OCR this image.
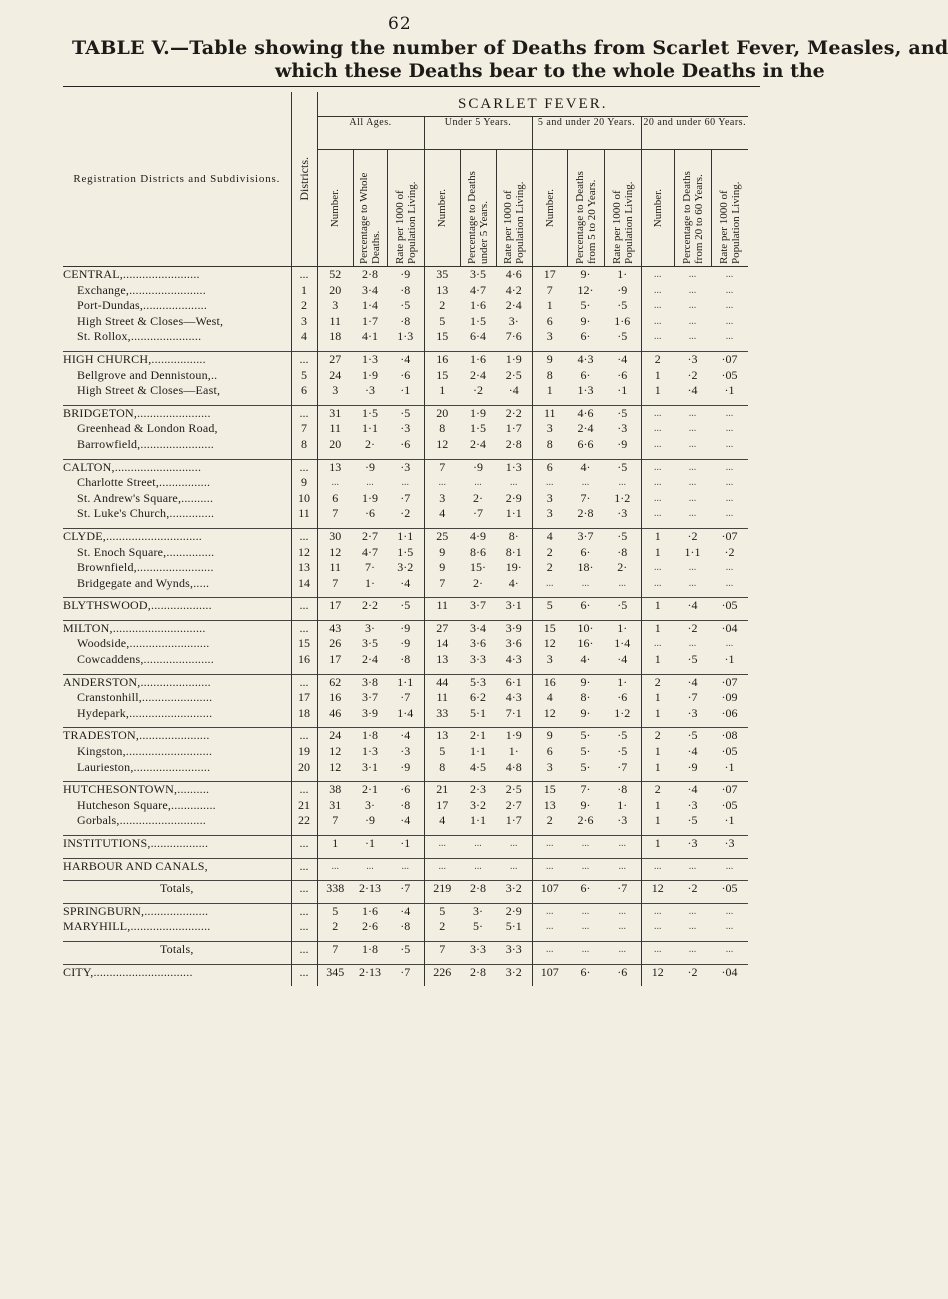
62
TABLE V.—Table showing the number of Deaths from Scarlet Fever, Measles, and
which these Deaths bear to the whole Deaths in the
Registration Districts and Subdivisions.	Districts.	SCARLET FEVER.											
		All Ages.			Under 5 Years.			5 and under 20 Years.			20 and under 60 Years.		

		Number.	Percentage to Whole Deaths.	Rate per 1000 of Population Living.	Number.	Percentage to Deaths under 5 Years.	Rate per 1000 of Population Living.	Number.	Percentage to Deaths from 5 to 20 Years.	Rate per 1000 of Population Living.	Number.	Percentage to Deaths from 20 to 60 Years.	Rate per 1000 of Population Living.

CENTRAL,........................	...	52	2·8	·9	35	3·5	4·6	17	9·	1·	...	...	...
Exchange,........................	1	20	3·4	·8	13	4·7	4·2	7	12·	·9	...	...	...
Port-Dundas,....................	2	3	1·4	·5	2	1·6	2·4	1	5·	·5	...	...	...
High Street & Closes—West,	3	11	1·7	·8	5	1·5	3·	6	9·	1·6	...	...	...
St. Rollox,......................	4	18	4·1	1·3	15	6·4	7·6	3	6·	·5	...	...	...

HIGH CHURCH,.................	...	27	1·3	·4	16	1·6	1·9	9	4·3	·4	2	·3	·07
Bellgrove and Dennistoun,..	5	24	1·9	·6	15	2·4	2·5	8	6·	·6	1	·2	·05
High Street & Closes—East,	6	3	·3	·1	1	·2	·4	1	1·3	·1	1	·4	·1

BRIDGETON,.......................	...	31	1·5	·5	20	1·9	2·2	11	4·6	·5	...	...	...
Greenhead & London Road,	7	11	1·1	·3	8	1·5	1·7	3	2·4	·3	...	...	...
Barrowfield,.......................	8	20	2·	·6	12	2·4	2·8	8	6·6	·9	...	...	...

CALTON,...........................	...	13	·9	·3	7	·9	1·3	6	4·	·5	...	...	...
Charlotte Street,................	9	...	...	...	...	...	...	...	...	...	...	...	...
St. Andrew's Square,..........	10	6	1·9	·7	3	2·	2·9	3	7·	1·2	...	...	...
St. Luke's Church,..............	11	7	·6	·2	4	·7	1·1	3	2·8	·3	...	...	...

CLYDE,..............................	...	30	2·7	1·1	25	4·9	8·	4	3·7	·5	1	·2	·07
St. Enoch Square,...............	12	12	4·7	1·5	9	8·6	8·1	2	6·	·8	1	1·1	·2
Brownfield,........................	13	11	7·	3·2	9	15·	19·	2	18·	2·	...	...	...
Bridgegate and Wynds,.....	14	7	1·	·4	7	2·	4·	...	...	...	...	...	...

BLYTHSWOOD,...................	...	17	2·2	·5	11	3·7	3·1	5	6·	·5	1	·4	·05

MILTON,.............................	...	43	3·	·9	27	3·4	3·9	15	10·	1·	1	·2	·04
Woodside,.........................	15	26	3·5	·9	14	3·6	3·6	12	16·	1·4	...	...	...
Cowcaddens,......................	16	17	2·4	·8	13	3·3	4·3	3	4·	·4	1	·5	·1

ANDERSTON,......................	...	62	3·8	1·1	44	5·3	6·1	16	9·	1·	2	·4	·07
Cranstonhill,......................	17	16	3·7	·7	11	6·2	4·3	4	8·	·6	1	·7	·09
Hydepark,..........................	18	46	3·9	1·4	33	5·1	7·1	12	9·	1·2	1	·3	·06

TRADESTON,......................	...	24	1·8	·4	13	2·1	1·9	9	5·	·5	2	·5	·08
Kingston,...........................	19	12	1·3	·3	5	1·1	1·	6	5·	·5	1	·4	·05
Laurieston,........................	20	12	3·1	·9	8	4·5	4·8	3	5·	·7	1	·9	·1

HUTCHESONTOWN,..........	...	38	2·1	·6	21	2·3	2·5	15	7·	·8	2	·4	·07
Hutcheson Square,..............	21	31	3·	·8	17	3·2	2·7	13	9·	1·	1	·3	·05
Gorbals,...........................	22	7	·9	·4	4	1·1	1·7	2	2·6	·3	1	·5	·1

INSTITUTIONS,..................	...	1	·1	·1	...	...	...	...	...	...	1	·3	·3

HARBOUR AND CANALS,	...	...	...	...	...	...	...	...	...	...	...	...	...

Totals,	...	338	2·13	·7	219	2·8	3·2	107	6·	·7	12	·2	·05

SPRINGBURN,....................	...	5	1·6	·4	5	3·	2·9	...	...	...	...	...	...
MARYHILL,.........................	...	2	2·6	·8	2	5·	5·1	...	...	...	...	...	...

Totals,	...	7	1·8	·5	7	3·3	3·3	...	...	...	...	...	...

CITY,...............................	...	345	2·13	·7	226	2·8	3·2	107	6·	·6	12	·2	·04
